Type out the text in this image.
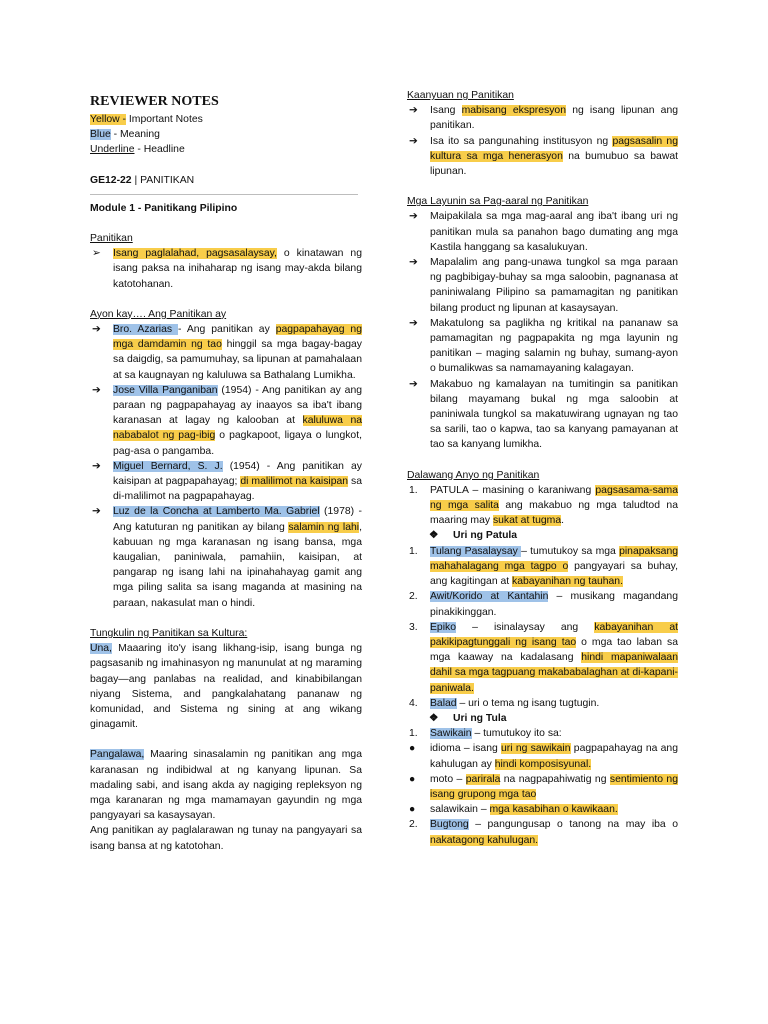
REVIEWER NOTES
Yellow - Important Notes
Blue - Meaning
Underline - Headline
GE12-22 | PANITIKAN
Module 1 - Panitikang Pilipino
Panitikan
➢ Isang paglalahad, pagsasalaysay, o kinatawan ng isang paksa na inihaharap ng isang may-akda bilang katotohanan.
Ayon kay…. Ang Panitikan ay
➔ Bro. Azarias - Ang panitikan ay pagpapahayag ng mga damdamin ng tao hinggil sa mga bagay-bagay sa daigdig, sa pamumuhay, sa lipunan at pamahalaan at sa kaugnayan ng kaluluwa sa Bathalang Lumikha.
➔ Jose Villa Panganiban (1954) - Ang panitikan ay ang paraan ng pagpapahayag ay inaayos sa iba't ibang karanasan at lagay ng kalooban at kaluluwa na nababalot ng pag-ibig o pagkapoot, ligaya o lungkot, pag-asa o pangamba.
➔ Miguel Bernard, S. J. (1954) - Ang panitikan ay kaisipan at pagpapahayag; di malilimot na kaisipan sa di-malilimot na pagpapahayag.
➔ Luz de la Concha at Lamberto Ma. Gabriel (1978) - Ang katuturan ng panitikan ay bilang salamin ng lahi, kabuuan ng mga karanasan ng isang bansa, mga kaugalian, paniniwala, pamahiin, kaisipan, at pangarap ng isang lahi na ipinahahayag gamit ang mga piling salita sa isang maganda at masining na paraan, nakasulat man o hindi.
Tungkulin ng Panitikan sa Kultura:

Una, Maaaring ito'y isang likhang-isip, isang bunga ng pagsasanib ng imahinasyon ng manunulat at ng maraming bagay—ang panlabas na realidad, and kinabibilangan niyang Sistema, and pangkalahatang pananaw ng komunidad, and Sistema ng sining at ang wikang ginagamit.

Pangalawa, Maaring sinasalamin ng panitikan ang mga karanasan ng indibidwal at ng kanyang lipunan. Sa madaling sabi, and isang akda ay nagiging repleksyon ng mga karanaran ng mga mamamayan gayundin ng mga pangyayari sa kasaysayan.

Ang panitikan ay paglalarawan ng tunay na pangyayari sa isang bansa at ng katotohan.

Kaanyuan ng Panitikan
➔ Isang mabisang ekspresyon ng isang lipunan ang panitikan.
➔ Isa ito sa pangunahing institusyon ng pagsasalin ng kultura sa mga henerasyon na bumubuo sa bawat lipunan.
Mga Layunin sa Pag-aaral ng Panitikan
➔ Maipakilala sa mga mag-aaral ang iba't ibang uri ng panitikan mula sa panahon bago dumating ang mga Kastila hanggang sa kasalukuyan.
➔ Mapalalim ang pang-unawa tungkol sa mga paraan ng pagbibigay-buhay sa mga saloobin, pagnanasa at paniniwalang Pilipino sa pamamagitan ng panitikan bilang product ng lipunan at kasaysayan.
➔ Makatulong sa paglikha ng kritikal na pananaw sa pamamagitan ng pagpapakita ng mga layunin ng panitikan – maging salamin ng buhay, sumang-ayon o bumalikwas sa namamayaning kalagayan.
➔ Makabuo ng kamalayan na tumitingin sa panitikan bilang mayamang bukal ng mga saloobin at paniniwala tungkol sa makatuwirang ugnayan ng tao sa sarili, tao o kapwa, tao sa kanyang pamayanan at tao sa kanyang lumikha.
Dalawang Anyo ng Panitikan
1. PATULA – masining o karaniwang pagsasama-sama ng mga salita ang makabuo ng mga taludtod na maaring may sukat at tugma.
❖ Uri ng Patula
1. Tulang Pasalaysay – tumutukoy sa mga pinapaksang mahahalagang mga tagpo o pangyayari sa buhay, ang kagitingan at kabayanihan ng tauhan.
2. Awit/Korido at Kantahin – musikang magandang pinakikinggan.
3. Epiko – isinalaysay ang kabayanihan at pakikipagtunggali ng isang tao o mga tao laban sa mga kaaway na kadalasang hindi mapaniwalaan dahil sa mga tagpuang makababalaghan at di-kapani-paniwala.
4. Balad – uri o tema ng isang tugtugin.
❖ Uri ng Tula
1. Sawikain – tumutukoy ito sa:
● idioma – isang uri ng sawikain pagpapahayag na ang kahulugan ay hindi komposisyunal.
● moto – parirala na nagpapahiwatig ng sentimiento ng isang grupong mga tao
● salawikain – mga kasabihan o kawikaan.
2. Bugtong – pangungusap o tanong na may iba o nakatagong kahulugan.
